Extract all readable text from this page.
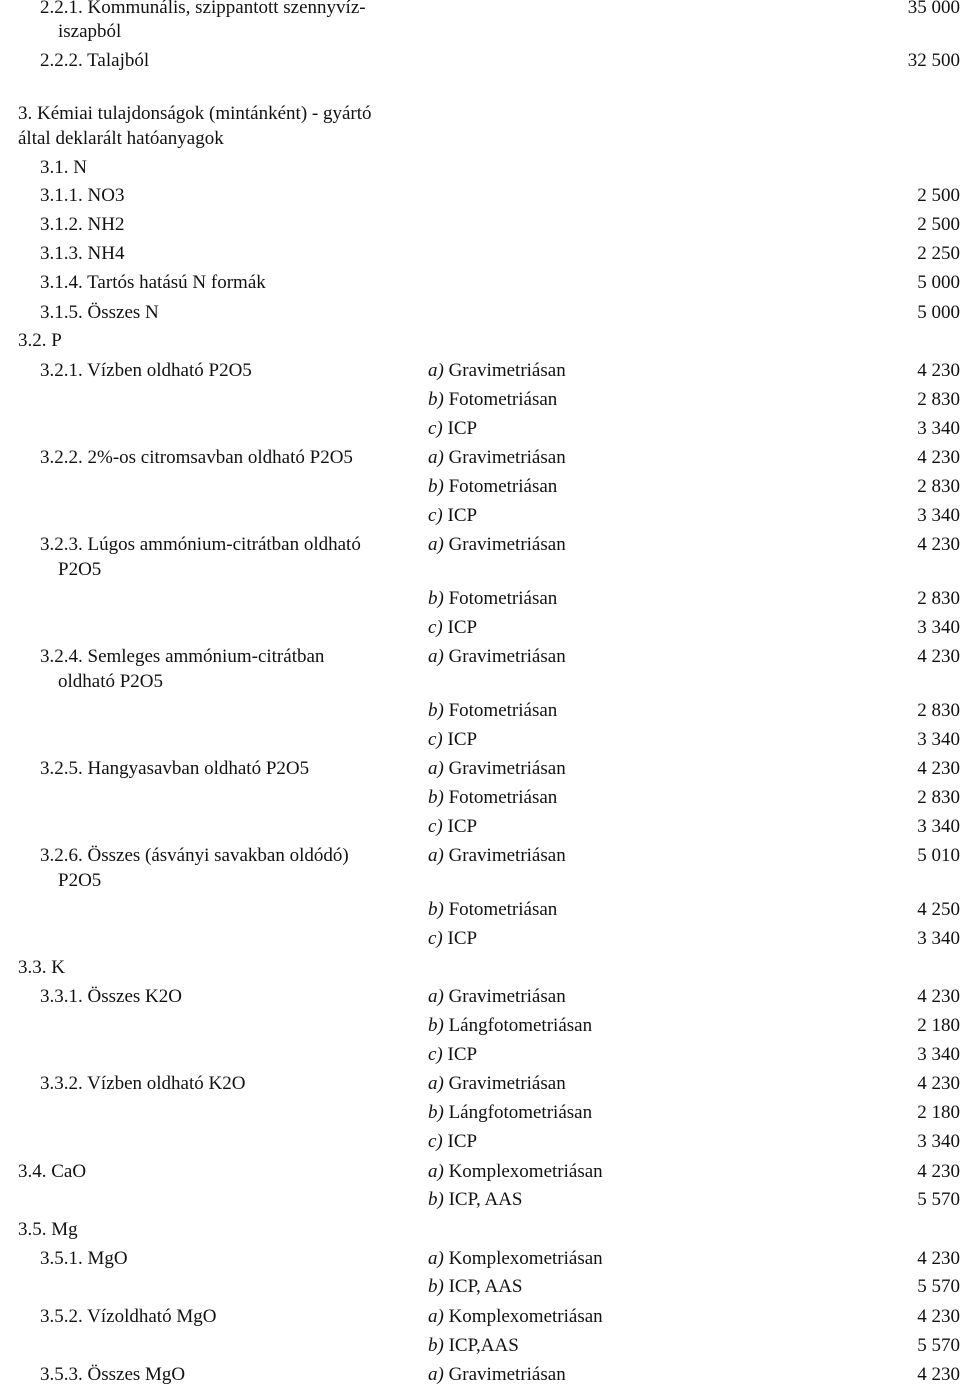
2.2.1. Kommunális, szippantott szennyvíz-	35 000
iszapból
2.2.2. Talajból	32 500
3. Kémiai tulajdonságok (mintánként) - gyártó
által deklarált hatóanyagok
3.1. N
3.1.1. NO3	2 500
3.1.2. NH2	2 500
3.1.3. NH4	2 250
3.1.4. Tartós hatású N formák	5 000
3.1.5. Összes N	5 000
3.2. P
3.2.1. Vízben oldható P2O5	a) Gravimetriásan	4 230
b) Fotometriásan	2 830
c) ICP	3 340
3.2.2. 2%-os citromsavban oldható P2O5	a) Gravimetriásan	4 230
b) Fotometriásan	2 830
c) ICP	3 340
3.2.3. Lúgos ammónium-citrátban oldható	a) Gravimetriásan	4 230
P2O5
b) Fotometriásan	2 830
c) ICP	3 340
3.2.4. Semleges ammónium-citrátban	a) Gravimetriásan	4 230
oldható P2O5
b) Fotometriásan	2 830
c) ICP	3 340
3.2.5. Hangyasavban oldható P2O5	a) Gravimetriásan	4 230
b) Fotometriásan	2 830
c) ICP	3 340
3.2.6. Összes (ásványi savakban oldódó)	a) Gravimetriásan	5 010
P2O5
b) Fotometriásan	4 250
c) ICP	3 340
3.3. K
3.3.1. Összes K2O	a) Gravimetriásan	4 230
b) Lángfotometriásan	2 180
c) ICP	3 340
3.3.2. Vízben oldható K2O	a) Gravimetriásan	4 230
b) Lángfotometriásan	2 180
c) ICP	3 340
3.4. CaO	a) Komplexometriásan	4 230
b) ICP, AAS	5 570
3.5. Mg
3.5.1. MgO	a) Komplexometriásan	4 230
b) ICP, AAS	5 570
3.5.2. Vízoldható MgO	a) Komplexometriásan	4 230
b) ICP,AAS	5 570
3.5.3. Összes MgO	a) Gravimetriásan	4 230
